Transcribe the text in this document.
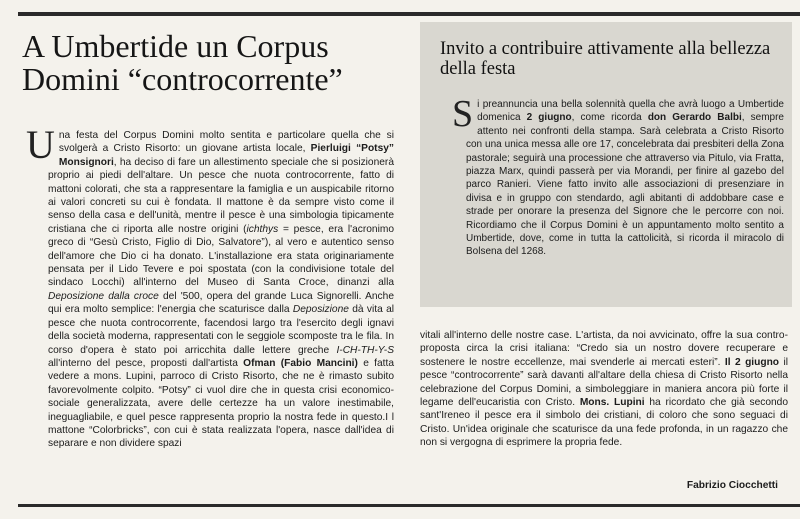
A Umbertide un Corpus Domini “controcorrente”
Invito a contribuire attivamente alla bellezza della festa

Si preannuncia una bella solennità quella che avrà luogo a Umbertide domenica 2 giugno, come ricorda don Gerardo Balbi, sempre attento nei confronti della stampa. Sarà celebrata a Cristo Risorto con una unica messa alle ore 17, concelebrata dai presbiteri della Zona pastorale; seguirà una processione che attraverso via Pitulo, via Fratta, piazza Marx, quindi passerà per via Morandi, per finire al gazebo del parco Ranieri. Viene fatto invito alle associazioni di presenziare in divisa e in gruppo con stendardo, agli abitanti di addobbare case e strade per onorare la presenza del Signore che le percorre con noi. Ricordiamo che il Corpus Domini è un appuntamento molto sentito a Umbertide, dove, come in tutta la cattolicità, si ricorda il miracolo di Bolsena del 1268.

Una festa del Corpus Domini molto sentita e particolare quella che si svolgerà a Cristo Risorto: un giovane artista locale, Pierluigi “Potsy” Monsignori, ha deciso di fare un allestimento speciale che si posizionerà proprio ai piedi dell'altare. Un pesce che nuota controcorrente, fatto di mattoni colorati, che sta a rappresentare la famiglia e un auspicabile ritorno ai valori concreti su cui è fondata. Il mattone è da sempre visto come il senso della casa e dell'unità, mentre il pesce è una simbologia tipicamente cristiana che ci riporta alle nostre origini (ichthys = pesce, era l'acronimo greco di “Gesù Cristo, Figlio di Dio, Salvatore”), al vero e autentico senso dell'amore che Dio ci ha donato. L'installazione era stata originariamente pensata per il Lido Tevere e poi spostata (con la condivisione totale del sindaco Locchi) all'interno del Museo di Santa Croce, dinanzi alla Deposizione dalla croce del '500, opera del grande Luca Signorelli. Anche qui era molto semplice: l'energia che scaturisce dalla Deposizione dà vita al pesce che nuota controcorrente, facendosi largo tra l'esercito degli ignavi della società moderna, rappresentati con le seggiole scomposte tra le fila. In corso d'opera è stato poi arricchita dalle lettere greche I-CH-TH-Y-S all'interno del pesce, proposti dall'artista Ofman (Fabio Mancini) e fatta vedere a mons. Lupini, parroco di Cristo Risorto, che ne è rimasto subito favorevolmente colpito. “Potsy” ci vuol dire che in questa crisi economico-sociale generalizzata, avere delle certezze ha un valore inestimabile, ineguagliabile, e quel pesce rappresenta proprio la nostra fede in questo.I l mattone “Colorbricks”, con cui è stata realizzata l'opera, nasce dall'idea di separare e non dividere spazi

vitali all'interno delle nostre case. L'artista, da noi avvicinato, offre la sua contro-proposta circa la crisi italiana: “Credo sia un nostro dovere recuperare e sostenere le nostre eccellenze, mai svenderle ai mercati esteri”. Il 2 giugno il pesce “controcorrente” sarà davanti all'altare della chiesa di Cristo Risorto nella celebrazione del Corpus Domini, a simboleggiare in maniera ancora più forte il legame dell'eucaristia con Cristo. Mons. Lupini ha ricordato che già secondo sant'Ireneo il pesce era il simbolo dei cristiani, di coloro che sono seguaci di Cristo. Un'idea originale che scaturisce da una fede profonda, in un ragazzo che non si vergogna di esprimere la propria fede.

Fabrizio Ciocchetti
